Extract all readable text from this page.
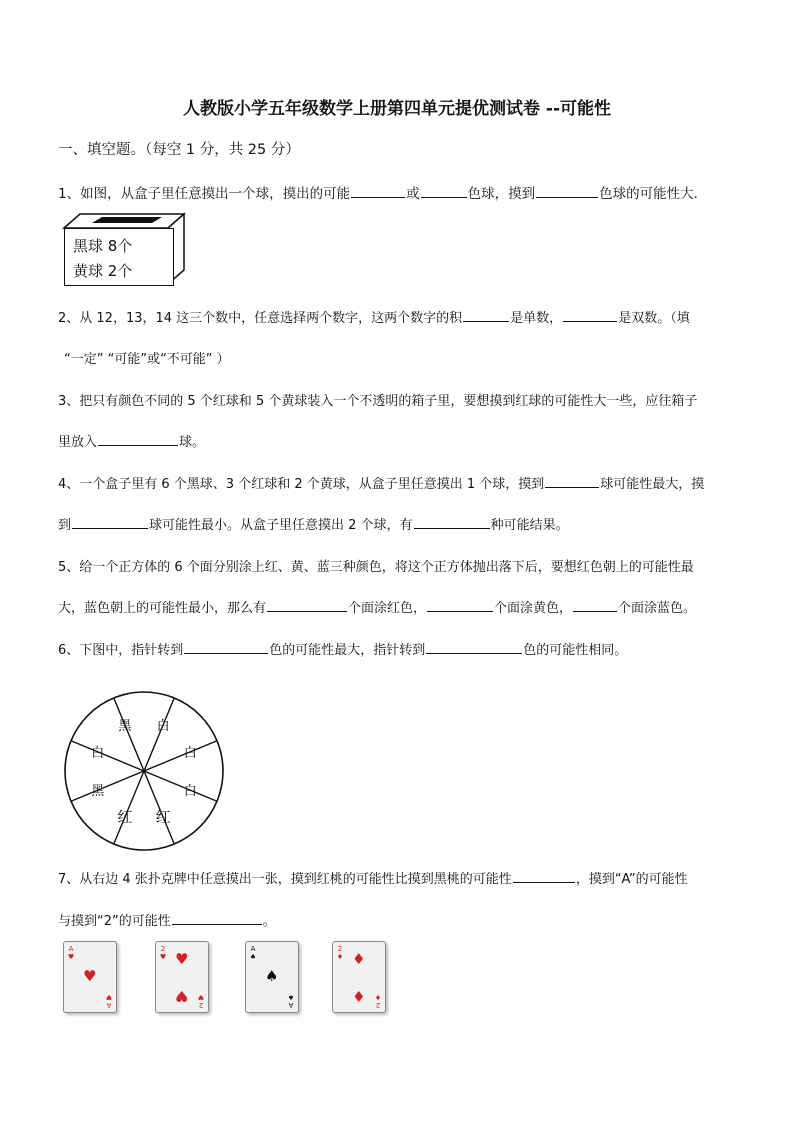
人教版小学五年级数学上册第四单元提优测试卷 --可能性
一、填空题。（每空 1 分，共 25 分）
1、如图，从盒子里任意摸出一个球，摸出的可能	或	色球，摸到	色球的可能性大.
黑球 8个
黄球 2个
2、从 12，13，14 这三个数中，任意选择两个数字，这两个数字的积	是单数，	是双数。（填
“一定” “可能”或“不可能” ）
3、把只有颜色不同的 5 个红球和 5 个黄球装入一个不透明的箱子里，要想摸到红球的可能性大一些，应往箱子
里放入	球。
4、一个盒子里有 6 个黑球、3 个红球和 2 个黄球，从盒子里任意摸出 1 个球，摸到	球可能性最大，摸
到	球可能性最小。从盒子里任意摸出 2 个球，有	种可能结果。
5、给一个正方体的 6 个面分别涂上红、黄、蓝三种颜色，将这个正方体抛出落下后，要想红色朝上的可能性最
大，蓝色朝上的可能性最小，那么有	个面涂红色，	个面涂黄色，	个面涂蓝色。
6、下图中，指针转到	色的可能性最大，指针转到	色的可能性相同。
黑 白
白
白
红
红
黑
白
7、从右边 4 张扑克牌中任意摸出一张，摸到红桃的可能性比摸到黑桃的可能性	，摸到“A”的可能性
与摸到“2”的可能性	。
A
♥
A
♥
♥
2
♥
2
♥
♥
♥
A
♠
A
♠
♠
2
♦
2
♦
♦
♦
